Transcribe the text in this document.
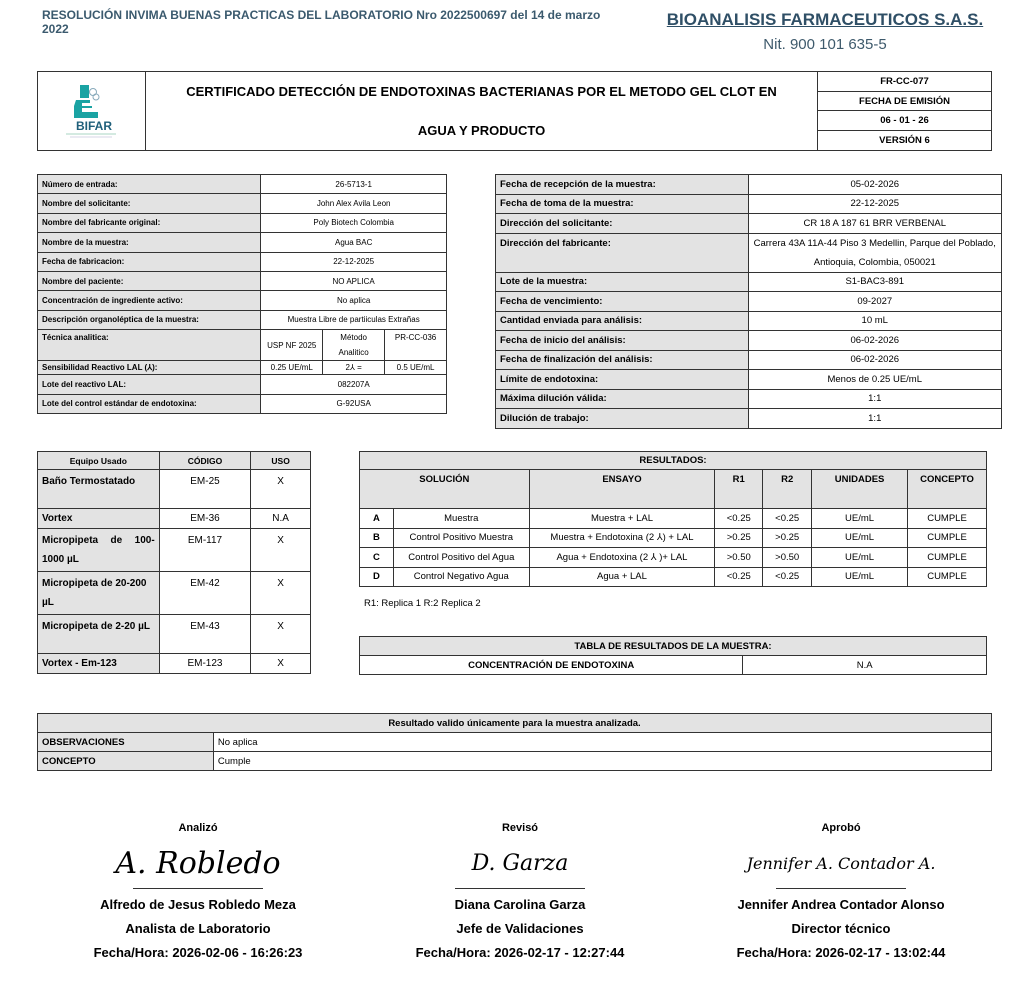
RESOLUCIÓN INVIMA BUENAS PRACTICAS DEL LABORATORIO Nro 2022500697 del 14 de marzo 2022	BIOANALISIS FARMACEUTICOS S.A.S.
Nit. 900 101 635-5
BIFAR
CERTIFICADO DETECCIÓN DE ENDOTOXINAS BACTERIANAS POR EL METODO GEL CLOT EN
AGUA Y PRODUCTO
FR-CC-077
FECHA DE EMISIÓN
06 - 01 - 26
VERSIÓN 6
Número de entrada:	26-5713-1		
Nombre del solicitante:	John Alex Avila Leon		
Nombre del fabricante original:	Poly Biotech Colombia		
Nombre de la muestra:	Agua BAC		
Fecha de fabricacion:	22-12-2025		
Nombre del paciente:	NO APLICA		
Concentración de ingrediente activo:	No aplica		
Descripción organoléptica de la muestra:	Muestra Libre de partiiculas Extrañas		
Técnica analitica:	USP NF 2025	Método Analitico	PR-CC-036
Sensibilidad Reactivo LAL (⅄):	0.25 UE/mL	2⅄ =	0.5 UE/mL
Lote del reactivo LAL:	082207A		
Lote del control estándar de endotoxina:	G-92USA		
Fecha de recepción de la muestra:	05-02-2026
Fecha de toma de la muestra:	22-12-2025
Dirección del solicitante:	CR 18 A 187 61 BRR VERBENAL
Dirección del fabricante:	Carrera 43A 11A-44 Piso 3 Medellin, Parque del Poblado, Antioquia, Colombia, 050021
Lote de la muestra:	S1-BAC3-891
Fecha de vencimiento:	09-2027
Cantidad enviada para análisis:	10 mL
Fecha de inicio del análisis:	06-02-2026
Fecha de finalización del análisis:	06-02-2026
Límite de endotoxina:	Menos de 0.25 UE/mL
Máxima dilución válida:	1:1
Dilución de trabajo:	1:1
Equipo Usado	CÓDIGO	USO
Baño Termostatado	EM-25	X
Vortex	EM-36	N.A
Micropipeta de 100-1000 µL	EM-117	X
Micropipeta de 20-200 µL	EM-42	X
Micropipeta de 2-20 µL	EM-43	X
Vortex - Em-123	EM-123	X
RESULTADOS:						
SOLUCIÓN		ENSAYO	R1	R2	UNIDADES	CONCEPTO
A	Muestra	Muestra + LAL	<0.25	<0.25	UE/mL	CUMPLE
B	Control Positivo Muestra	Muestra + Endotoxina (2 ⅄) + LAL	>0.25	>0.25	UE/mL	CUMPLE
C	Control Positivo del Agua	Agua + Endotoxina (2 ⅄ )+ LAL	>0.50	>0.50	UE/mL	CUMPLE
D	Control Negativo Agua	Agua + LAL	<0.25	<0.25	UE/mL	CUMPLE
R1: Replica 1 R:2 Replica 2
TABLA DE RESULTADOS DE LA MUESTRA:
CONCENTRACIÓN DE ENDOTOXINA	N.A
Resultado valido únicamente para la muestra analizada.	
OBSERVACIONES	No aplica
CONCEPTO	Cumple
Analizó
A. Robledo
Alfredo de Jesus Robledo Meza
Analista de Laboratorio
Fecha/Hora: 2026-02-06 - 16:26:23
Revisó
D. Garza
Diana Carolina Garza
Jefe de Validaciones
Fecha/Hora: 2026-02-17 - 12:27:44
Aprobó
Jennifer A. Contador A.
Jennifer Andrea Contador Alonso
Director técnico
Fecha/Hora: 2026-02-17 - 13:02:44
